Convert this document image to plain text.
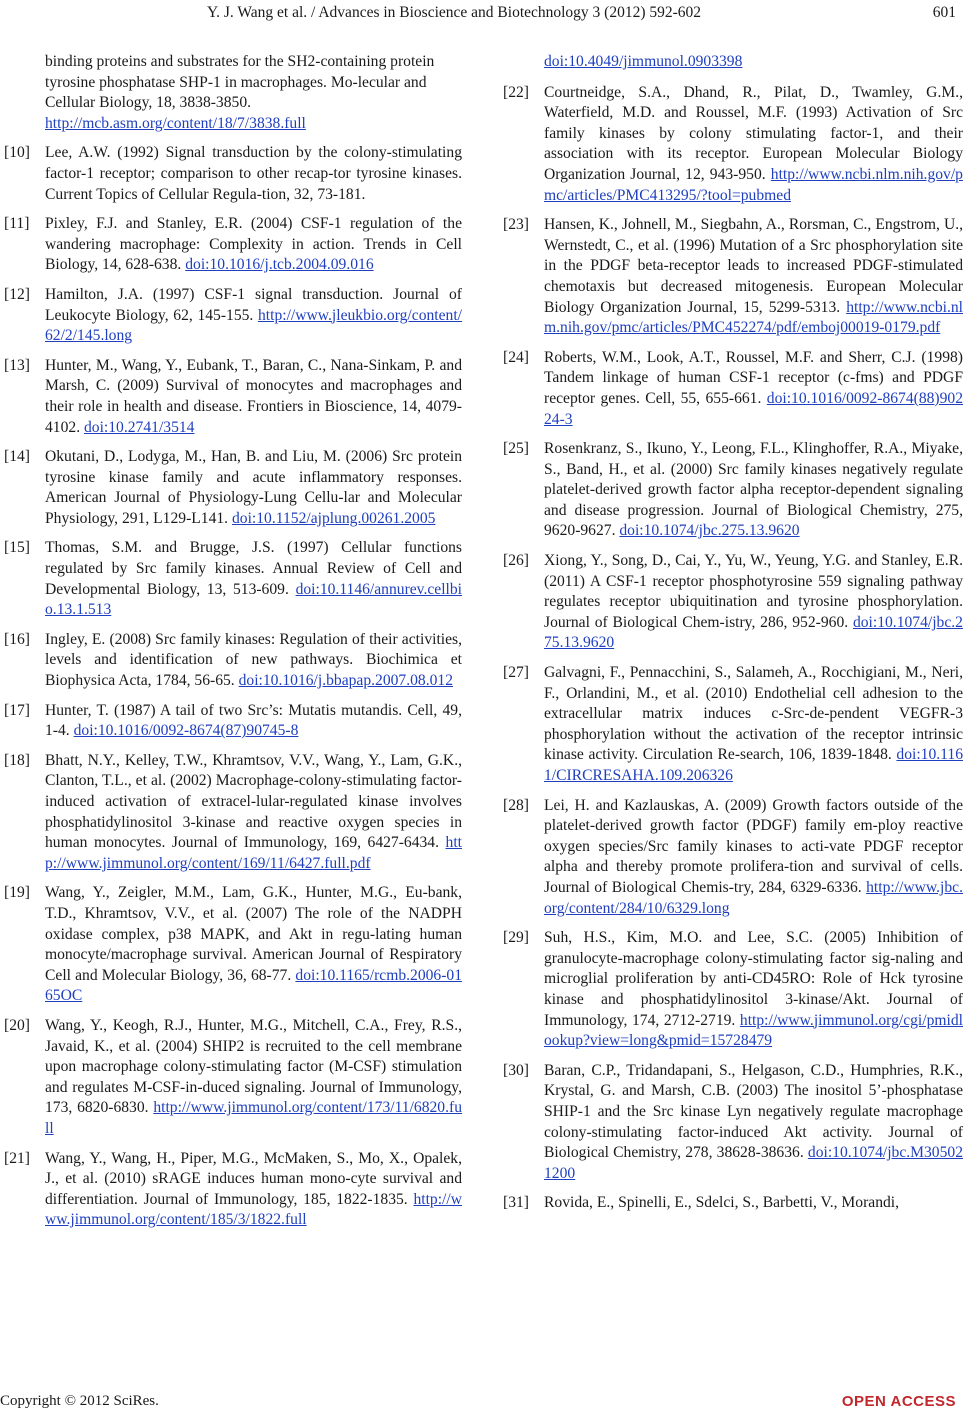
Y. J. Wang et al. / Advances in Bioscience and Biotechnology 3 (2012) 592-602	601
binding proteins and substrates for the SH2-containing protein tyrosine phosphatase SHP-1 in macrophages. Mo-lecular and Cellular Biology, 18, 3838-3850.
http://mcb.asm.org/content/18/7/3838.full
[10] Lee, A.W. (1992) Signal transduction by the colony-stimulating factor-1 receptor; comparison to other recap-tor tyrosine kinases. Current Topics of Cellular Regula-tion, 32, 73-181.
[11] Pixley, F.J. and Stanley, E.R. (2004) CSF-1 regulation of the wandering macrophage: Complexity in action. Trends in Cell Biology, 14, 628-638. doi:10.1016/j.tcb.2004.09.016
[12] Hamilton, J.A. (1997) CSF-1 signal transduction. Journal of Leukocyte Biology, 62, 145-155. http://www.jleukbio.org/content/62/2/145.long
[13] Hunter, M., Wang, Y., Eubank, T., Baran, C., Nana-Sinkam, P. and Marsh, C. (2009) Survival of monocytes and macrophages and their role in health and disease. Frontiers in Bioscience, 14, 4079-4102. doi:10.2741/3514
[14] Okutani, D., Lodyga, M., Han, B. and Liu, M. (2006) Src protein tyrosine kinase family and acute inflammatory responses. American Journal of Physiology-Lung Cellu-lar and Molecular Physiology, 291, L129-L141. doi:10.1152/ajplung.00261.2005
[15] Thomas, S.M. and Brugge, J.S. (1997) Cellular functions regulated by Src family kinases. Annual Review of Cell and Developmental Biology, 13, 513-609. doi:10.1146/annurev.cellbio.13.1.513
[16] Ingley, E. (2008) Src family kinases: Regulation of their activities, levels and identification of new pathways. Biochimica et Biophysica Acta, 1784, 56-65. doi:10.1016/j.bbapap.2007.08.012
[17] Hunter, T. (1987) A tail of two Src’s: Mutatis mutandis. Cell, 49, 1-4. doi:10.1016/0092-8674(87)90745-8
[18] Bhatt, N.Y., Kelley, T.W., Khramtsov, V.V., Wang, Y., Lam, G.K., Clanton, T.L., et al. (2002) Macrophage-colony-stimulating factor-induced activation of extracel-lular-regulated kinase involves phosphatidylinositol 3-kinase and reactive oxygen species in human monocytes. Journal of Immunology, 169, 6427-6434. http://www.jimmunol.org/content/169/11/6427.full.pdf
[19] Wang, Y., Zeigler, M.M., Lam, G.K., Hunter, M.G., Eu-bank, T.D., Khramtsov, V.V., et al. (2007) The role of the NADPH oxidase complex, p38 MAPK, and Akt in regu-lating human monocyte/macrophage survival. American Journal of Respiratory Cell and Molecular Biology, 36, 68-77. doi:10.1165/rcmb.2006-0165OC
[20] Wang, Y., Keogh, R.J., Hunter, M.G., Mitchell, C.A., Frey, R.S., Javaid, K., et al. (2004) SHIP2 is recruited to the cell membrane upon macrophage colony-stimulating factor (M-CSF) stimulation and regulates M-CSF-in-duced signaling. Journal of Immunology, 173, 6820-6830. http://www.jimmunol.org/content/173/11/6820.full
[21] Wang, Y., Wang, H., Piper, M.G., McMaken, S., Mo, X., Opalek, J., et al. (2010) sRAGE induces human mono-cyte survival and differentiation. Journal of Immunology, 185, 1822-1835. http://www.jimmunol.org/content/185/3/1822.full
doi:10.4049/jimmunol.0903398
[22] Courtneidge, S.A., Dhand, R., Pilat, D., Twamley, G.M., Waterfield, M.D. and Roussel, M.F. (1993) Activation of Src family kinases by colony stimulating factor-1, and their association with its receptor. European Molecular Biology Organization Journal, 12, 943-950. http://www.ncbi.nlm.nih.gov/pmc/articles/PMC413295/?tool=pubmed
[23] Hansen, K., Johnell, M., Siegbahn, A., Rorsman, C., Engstrom, U., Wernstedt, C., et al. (1996) Mutation of a Src phosphorylation site in the PDGF beta-receptor leads to increased PDGF-stimulated chemotaxis but decreased mitogenesis. European Molecular Biology Organization Journal, 15, 5299-5313. http://www.ncbi.nlm.nih.gov/pmc/articles/PMC452274/pdf/emboj00019-0179.pdf
[24] Roberts, W.M., Look, A.T., Roussel, M.F. and Sherr, C.J. (1998) Tandem linkage of human CSF-1 receptor (c-fms) and PDGF receptor genes. Cell, 55, 655-661. doi:10.1016/0092-8674(88)90224-3
[25] Rosenkranz, S., Ikuno, Y., Leong, F.L., Klinghoffer, R.A., Miyake, S., Band, H., et al. (2000) Src family kinases negatively regulate platelet-derived growth factor alpha receptor-dependent signaling and disease progression. Journal of Biological Chemistry, 275, 9620-9627. doi:10.1074/jbc.275.13.9620
[26] Xiong, Y., Song, D., Cai, Y., Yu, W., Yeung, Y.G. and Stanley, E.R. (2011) A CSF-1 receptor phosphotyrosine 559 signaling pathway regulates receptor ubiquitination and tyrosine phosphorylation. Journal of Biological Chem-istry, 286, 952-960. doi:10.1074/jbc.275.13.9620
[27] Galvagni, F., Pennacchini, S., Salameh, A., Rocchigiani, M., Neri, F., Orlandini, M., et al. (2010) Endothelial cell adhesion to the extracellular matrix induces c-Src-de-pendent VEGFR-3 phosphorylation without the activation of the receptor intrinsic kinase activity. Circulation Re-search, 106, 1839-1848. doi:10.1161/CIRCRESAHA.109.206326
[28] Lei, H. and Kazlauskas, A. (2009) Growth factors outside of the platelet-derived growth factor (PDGF) family em-ploy reactive oxygen species/Src family kinases to acti-vate PDGF receptor alpha and thereby promote prolifera-tion and survival of cells. Journal of Biological Chemis-try, 284, 6329-6336. http://www.jbc.org/content/284/10/6329.long
[29] Suh, H.S., Kim, M.O. and Lee, S.C. (2005) Inhibition of granulocyte-macrophage colony-stimulating factor sig-naling and microglial proliferation by anti-CD45RO: Role of Hck tyrosine kinase and phosphatidylinositol 3-kinase/Akt. Journal of Immunology, 174, 2712-2719. http://www.jimmunol.org/cgi/pmidlookup?view=long&pmid=15728479
[30] Baran, C.P., Tridandapani, S., Helgason, C.D., Humphries, R.K., Krystal, G. and Marsh, C.B. (2003) The inositol 5’-phosphatase SHIP-1 and the Src kinase Lyn negatively regulate macrophage colony-stimulating factor-induced Akt activity. Journal of Biological Chemistry, 278, 38628-38636. doi:10.1074/jbc.M305021200
[31] Rovida, E., Spinelli, E., Sdelci, S., Barbetti, V., Morandi,
Copyright © 2012 SciRes.	OPEN ACCESS
